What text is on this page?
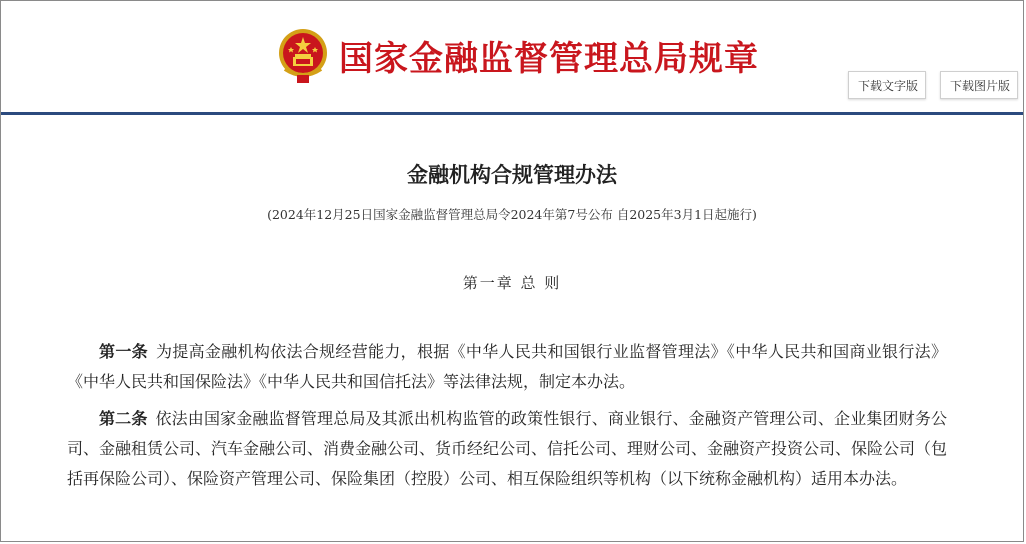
国家金融监督管理总局规章
下载文字版	下载图片版
金融机构合规管理办法
(2024年12月25日国家金融监督管理总局令2024年第7号公布 自2025年3月1日起施行)
第一章 总 则
第一条 为提高金融机构依法合规经营能力，根据《中华人民共和国银行业监督管理法》《中华人民共和国商业银行法》《中华人民共和国保险法》《中华人民共和国信托法》等法律法规，制定本办法。
第二条 依法由国家金融监督管理总局及其派出机构监管的政策性银行、商业银行、金融资产管理公司、企业集团财务公司、金融租赁公司、汽车金融公司、消费金融公司、货币经纪公司、信托公司、理财公司、金融资产投资公司、保险公司（包括再保险公司）、保险资产管理公司、保险集团（控股）公司、相互保险组织等机构（以下统称金融机构）适用本办法。
